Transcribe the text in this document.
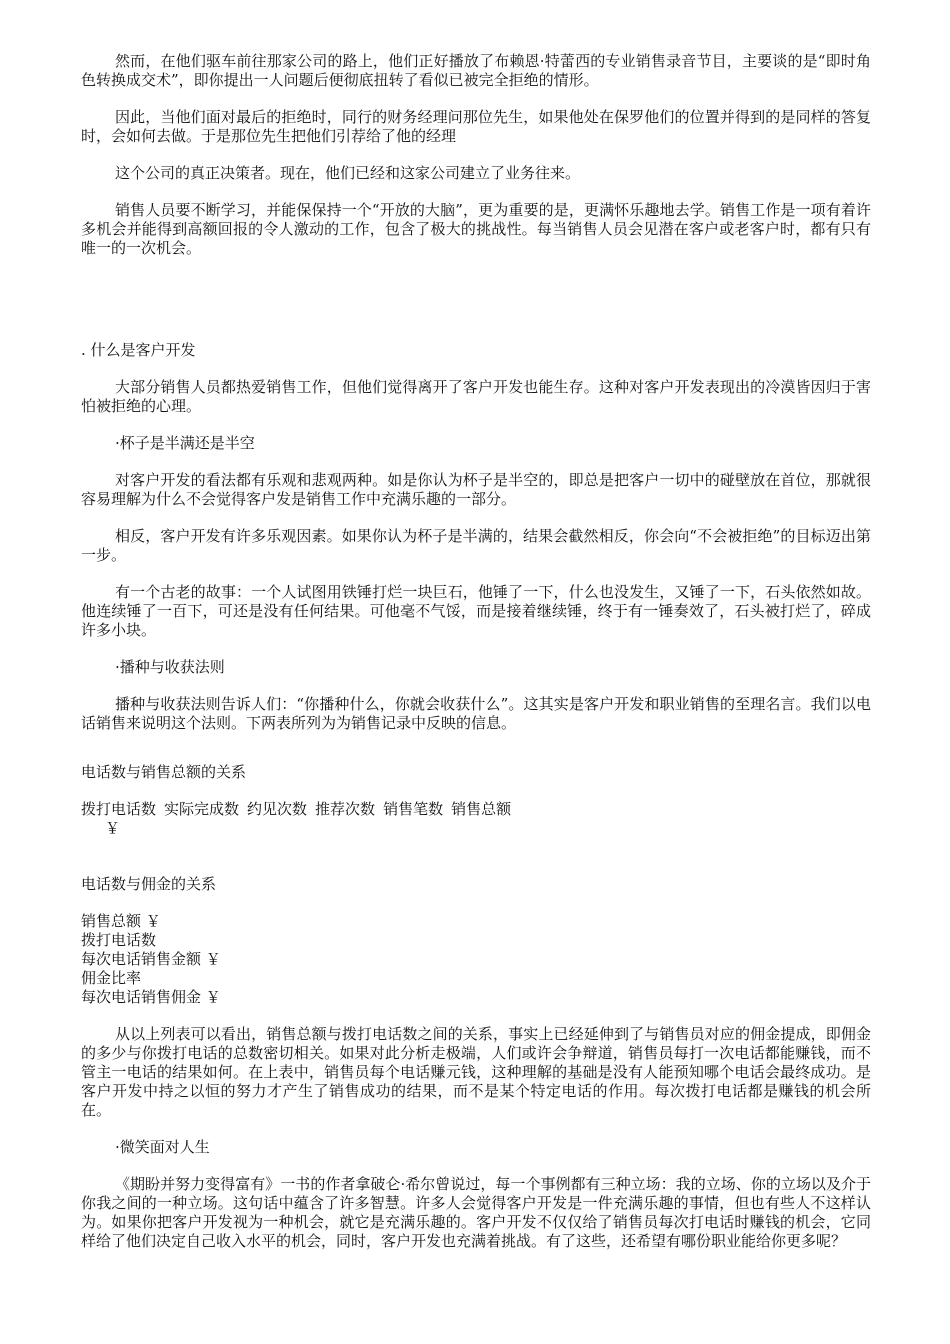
然而，在他们驱车前往那家公司的路上，他们正好播放了布赖恩·特蕾西的专业销售录音节目，主要谈的是“即时角色转换成交术”，即你提出一人问题后便彻底扭转了看似已被完全拒绝的情形。

因此，当他们面对最后的拒绝时，同行的财务经理问那位先生，如果他处在保罗他们的位置并得到的是同样的答复时，会如何去做。于是那位先生把他们引荐给了他的经理

这个公司的真正决策者。现在，他们已经和这家公司建立了业务往来。

销售人员要不断学习，并能保保持一个“开放的大脑”，更为重要的是，更满怀乐趣地去学。销售工作是一项有着许多机会并能得到高额回报的令人激动的工作，包含了极大的挑战性。每当销售人员会见潜在客户或老客户时，都有只有唯一的一次机会。

. 什么是客户开发

大部分销售人员都热爱销售工作，但他们觉得离开了客户开发也能生存。这种对客户开发表现出的冷漠皆因归于害怕被拒绝的心理。

·杯子是半满还是半空

对客户开发的看法都有乐观和悲观两种。如是你认为杯子是半空的，即总是把客户一切中的碰壁放在首位，那就很容易理解为什么不会觉得客户发是销售工作中充满乐趣的一部分。

相反，客户开发有许多乐观因素。如果你认为杯子是半满的，结果会截然相反，你会向“不会被拒绝”的目标迈出第一步。

有一个古老的故事：一个人试图用铁锤打烂一块巨石，他锤了一下，什么也没发生，又锤了一下，石头依然如故。他连续锤了一百下，可还是没有任何结果。可他毫不气馁，而是接着继续锤，终于有一锤奏效了，石头被打烂了，碎成许多小块。

·播种与收获法则

播种与收获法则告诉人们：“你播种什么，你就会收获什么”。这其实是客户开发和职业销售的至理名言。我们以电话销售来说明这个法则。下两表所列为为销售记录中反映的信息。

电话数与销售总额的关系

拨打电话数 实际完成数 约见次数 推荐次数 销售笔数 销售总额
￥

电话数与佣金的关系

销售总额 ￥
拨打电话数
每次电话销售金额 ￥
佣金比率
每次电话销售佣金 ￥

从以上列表可以看出，销售总额与拨打电话数之间的关系，事实上已经延伸到了与销售员对应的佣金提成，即佣金的多少与你拨打电话的总数密切相关。如果对此分析走极端，人们或许会争辩道，销售员每打一次电话都能赚钱，而不管主一电话的结果如何。在上表中，销售员每个电话赚元钱，这种理解的基础是没有人能预知哪个电话会最终成功。是客户开发中持之以恒的努力才产生了销售成功的结果，而不是某个特定电话的作用。每次拨打电话都是赚钱的机会所在。

·微笑面对人生

《期盼并努力变得富有》一书的作者拿破仑·希尔曾说过，每一个事例都有三种立场：我的立场、你的立场以及介于你我之间的一种立场。这句话中蕴含了许多智慧。许多人会觉得客户开发是一件充满乐趣的事情，但也有些人不这样认为。如果你把客户开发视为一种机会，就它是充满乐趣的。客户开发不仅仅给了销售员每次打电话时赚钱的机会，它同样给了他们决定自己收入水平的机会，同时，客户开发也充满着挑战。有了这些，还希望有哪份职业能给你更多呢？
